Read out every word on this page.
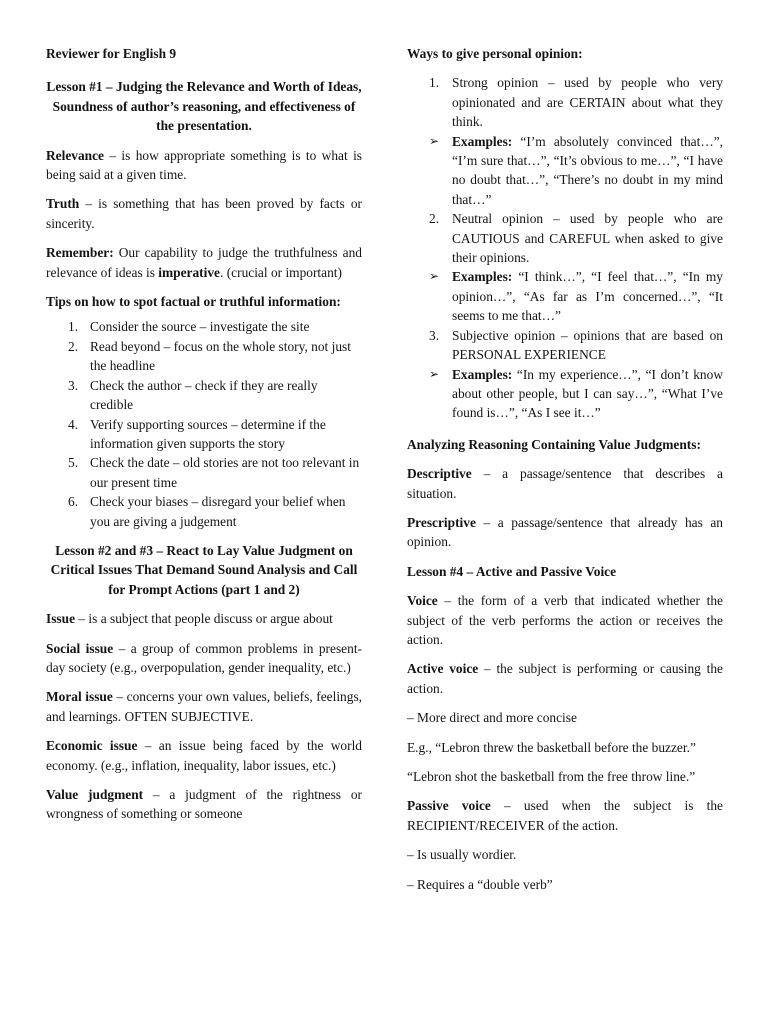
Reviewer for English 9

Lesson #1 – Judging the Relevance and Worth of Ideas, Soundness of author’s reasoning, and effectiveness of the presentation.

Relevance – is how appropriate something is to what is being said at a given time.

Truth – is something that has been proved by facts or sincerity.

Remember: Our capability to judge the truthfulness and relevance of ideas is imperative. (crucial or important)

Tips on how to spot factual or truthful information:

1. Consider the source – investigate the site
2. Read beyond – focus on the whole story, not just the headline
3. Check the author – check if they are really credible
4. Verify supporting sources – determine if the information given supports the story
5. Check the date – old stories are not too relevant in our present time
6. Check your biases – disregard your belief when you are giving a judgement

Lesson #2 and #3 – React to Lay Value Judgment on Critical Issues That Demand Sound Analysis and Call for Prompt Actions (part 1 and 2)

Issue – is a subject that people discuss or argue about

Social issue – a group of common problems in present-day society (e.g., overpopulation, gender inequality, etc.)

Moral issue – concerns your own values, beliefs, feelings, and learnings. OFTEN SUBJECTIVE.

Economic issue – an issue being faced by the world economy. (e.g., inflation, inequality, labor issues, etc.)

Value judgment – a judgment of the rightness or wrongness of something or someone

Ways to give personal opinion:

1. Strong opinion – used by people who very opinionated and are CERTAIN about what they think.

➢ Examples: “I’m absolutely convinced that…”, “I’m sure that…”, “It’s obvious to me…”, “I have no doubt that…”, “There’s no doubt in my mind that…”

2. Neutral opinion – used by people who are CAUTIOUS and CAREFUL when asked to give their opinions.

➢ Examples: “I think…”, “I feel that…”, “In my opinion…”, “As far as I’m concerned…”, “It seems to me that…”

3. Subjective opinion – opinions that are based on PERSONAL EXPERIENCE

➢ Examples: “In my experience…”, “I don’t know about other people, but I can say…”, “What I’ve found is…”, “As I see it…”

Analyzing Reasoning Containing Value Judgments:

Descriptive – a passage/sentence that describes a situation.

Prescriptive – a passage/sentence that already has an opinion.

Lesson #4 – Active and Passive Voice

Voice – the form of a verb that indicated whether the subject of the verb performs the action or receives the action.

Active voice – the subject is performing or causing the action.

– More direct and more concise

E.g., “Lebron threw the basketball before the buzzer.”

“Lebron shot the basketball from the free throw line.”

Passive voice – used when the subject is the RECIPIENT/RECEIVER of the action.

– Is usually wordier.

– Requires a “double verb”
